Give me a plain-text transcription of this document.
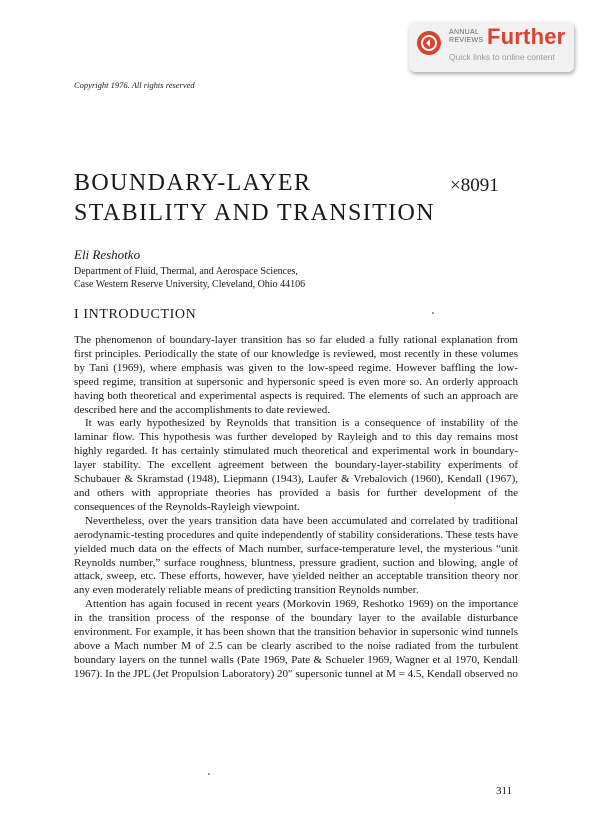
ANNUAL
REVIEWS Further
Quick links to online content
Copyright 1976. All rights reserved
BOUNDARY-LAYER
STABILITY AND TRANSITION
×8091
Eli Reshotko
Department of Fluid, Thermal, and Aerospace Sciences,
Case Western Reserve University, Cleveland, Ohio 44106
I INTRODUCTION

The phenomenon of boundary-layer transition has so far eluded a fully rational explanation from first principles. Periodically the state of our knowledge is reviewed, most recently in these volumes by Tani (1969), where emphasis was given to the low-speed regime. However baffling the low-speed regime, transition at supersonic and hypersonic speed is even more so. An orderly approach having both theoretical and experimental aspects is required. The elements of such an approach are described here and the accomplishments to date reviewed.

It was early hypothesized by Reynolds that transition is a consequence of instability of the laminar flow. This hypothesis was further developed by Rayleigh and to this day remains most highly regarded. It has certainly stimulated much theoretical and experimental work in boundary-layer stability. The excellent agreement between the boundary-layer-stability experiments of Schubauer & Skramstad (1948), Liepmann (1943), Laufer & Vrebalovich (1960), Kendall (1967), and others with appropriate theories has provided a basis for further development of the consequences of the Reynolds-Rayleigh viewpoint.

Nevertheless, over the years transition data have been accumulated and correlated by traditional aerodynamic-testing procedures and quite independently of stability considerations. These tests have yielded much data on the effects of Mach number, surface-temperature level, the mysterious “unit Reynolds number,” surface roughness, bluntness, pressure gradient, suction and blowing, angle of attack, sweep, etc. These efforts, however, have yielded neither an acceptable transition theory nor any even moderately reliable means of predicting transition Reynolds number.

Attention has again focused in recent years (Morkovin 1969, Reshotko 1969) on the importance in the transition process of the response of the boundary layer to the available disturbance environment. For example, it has been shown that the transition behavior in supersonic wind tunnels above a Mach number M of 2.5 can be clearly ascribed to the noise radiated from the turbulent boundary layers on the tunnel walls (Pate 1969, Pate & Schueler 1969, Wagner et al 1970, Kendall 1967). In the JPL (Jet Propulsion Laboratory) 20″ supersonic tunnel at M = 4.5, Kendall observed no

311
